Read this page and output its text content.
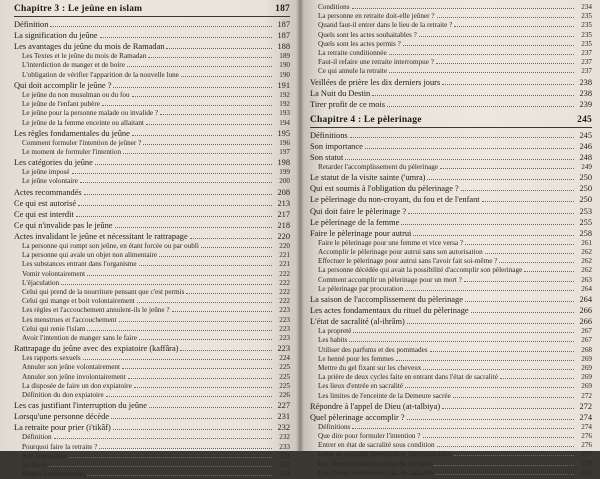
Chapitre 3 : Le jeûne en islam	187
Définition	187
La signification du jeûne	187
Les avantages du jeûne du mois de Ramadan	188
Les Textes et le jeûne du mois de Ramadan	189
L'interdiction de manger et de boire	190
L'obligation de vérifier l'apparition de la nouvelle lune	190
Qui doit accomplir le jeûne ?	191
Le jeûne du non musulman ou du fou	192
Le jeûne de l'enfant pubère	192
Le jeûne pour la personne malade ou invalide ?	193
Le jeûne de la femme enceinte ou allaitant	194
Les règles fondamentales du jeûne	195
Comment formuler l'intention de jeûner ?	196
Le moment de formuler l'intention	197
Les catégories du jeûne	198
Le jeûne imposé	199
Le jeûne volontaire	200
Actes recommandés	208
Ce qui est autorisé	213
Ce qui est interdit	217
Ce qui n'invalide pas le jeûne	218
Actes invalidant le jeûne et nécessitant le rattrapage	220
La personne qui rompt son jeûne, en étant forcée ou par oubli	220
La personne qui avale un objet non alimentaire	221
Les substances entrant dans l'organisme	221
Vomir volontairement	222
L'éjaculation	222
Celui qui prend de la nourriture pensant que c'est permis	222
Celui qui mange et boit volontairement	222
Les règles et l'accouchement annulent-ils le jeûne ?	223
Les menstrues et l'accouchement	223
Celui qui renie l'islam	223
Avoir l'intention de manger sans le faire	223
Rattrapage du jeûne avec des expiatoire (kaffâra)	223
Les rapports sexuels	224
Annuler son jeûne volontairement	225
Annuler son jeûne involontairement	225
La disposée de faire un don expiatoire	225
Définition du don expiatoire	226
Les cas justifiant l'interruption du jeûne	227
Lorsqu'une personne décède	231
La retraite pour prier (i'tikâf)	232
Définition	232
Pourquoi faire la retraite ?	233
Son importance	233
Sa durée	233
Règles fondamentales	234
Conditions	234
La personne en retraite doit-elle jeûner ?	235
Quand faut-il entrer dans le lieu de la retraite ?	235
Quels sont les actes souhaitables ?	235
Quels sont les actes permis ?	235
La retraite conditionnée	237
Faut-il refaire une retraite interrompue ?	237
Ce qui annule la retraite	237
Veillées de prière les dix derniers jours	238
La Nuit du Destin	238
Tirer profit de ce mois	239
Chapitre 4 : Le pèlerinage	245
Définitions	245
Son importance	246
Son statut	248
Retarder l'accomplissement du pèlerinage	249
Le statut de la visite sainte ('umra)	250
Qui est soumis à l'obligation du pèlerinage ?	250
Le pèlerinage du non-croyant, du fou et de l'enfant	250
Qui doit faire le pèlerinage ?	253
Le pèlerinage de la femme	255
Faire le pèlerinage pour autrui	258
Faire le pèlerinage pour une femme et vice versa ?	261
Accomplir le pèlerinage pour autrui sans son autorisation	262
Effectuer le pèlerinage pour autrui sans l'avoir fait soi-même ?	262
La personne décédée qui avait la possibilité d'accomplir son pèlerinage	262
Comment accomplir un pèlerinage pour un mort ?	263
Le pèlerinage par procuration	264
La saison de l'accomplissement du pèlerinage	264
Les actes fondamentaux du rituel du pèlerinage	266
L'état de sacralité (al-ihrâm)	266
La propreté	267
Les habits	267
Utiliser des parfums et des pommades	268
Le henné pour les femmes	269
Mettre du gel fixant sur les cheveux	269
La prière de deux cycles faite en entrant dans l'état de sacralité	269
Les lieux d'entrée en sacralité	269
Les limites de l'enceinte de la Demeure sacrée	272
Répondre à l'appel de Dieu (at-talbiya)	272
Quel pèlerinage accomplir ?	274
Définitions	274
Que dire pour formuler l'intention ?	276
Entrer en état de sacralité sous condition	276
L'état de sacralité déterminé et l'intention libre	277
Les choses permises en état de sacralité	279
Les choses interdites en état de sacralité	281
